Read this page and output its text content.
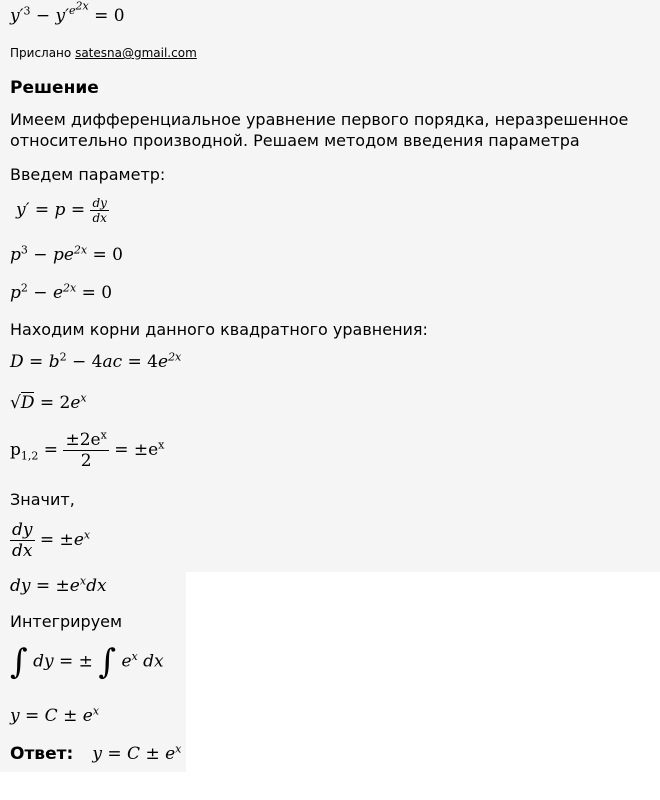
$y'^3 - y'^{e^{2x}} = 0$
Прислано satesna@gmail.com
Решение
Имеем дифференциальное уравнение первого порядка, неразрешенное
относительно производной. Решаем методом введения параметра
Введем параметр:
$y' = p = \frac{dy}{dx}$
$p^3 - pe^{2x} = 0$
$p^2 - e^{2x} = 0$
Находим корни данного квадратного уравнения:
$D = b^2 - 4ac = 4e^{2x}$
$√D = 2e^x$
$p_{1,2} = \frac{\pm 2e^x}{2} = \pm e^x$
Значит,
$\frac{dy}{dx} = \pm e^x$
dy = $\pm e^xdx$
Интегрируем
∫ dy = ± ∫ $e^x$ dx
$y = C \pm e^x$
Ответ: $y = C \pm e^x$
